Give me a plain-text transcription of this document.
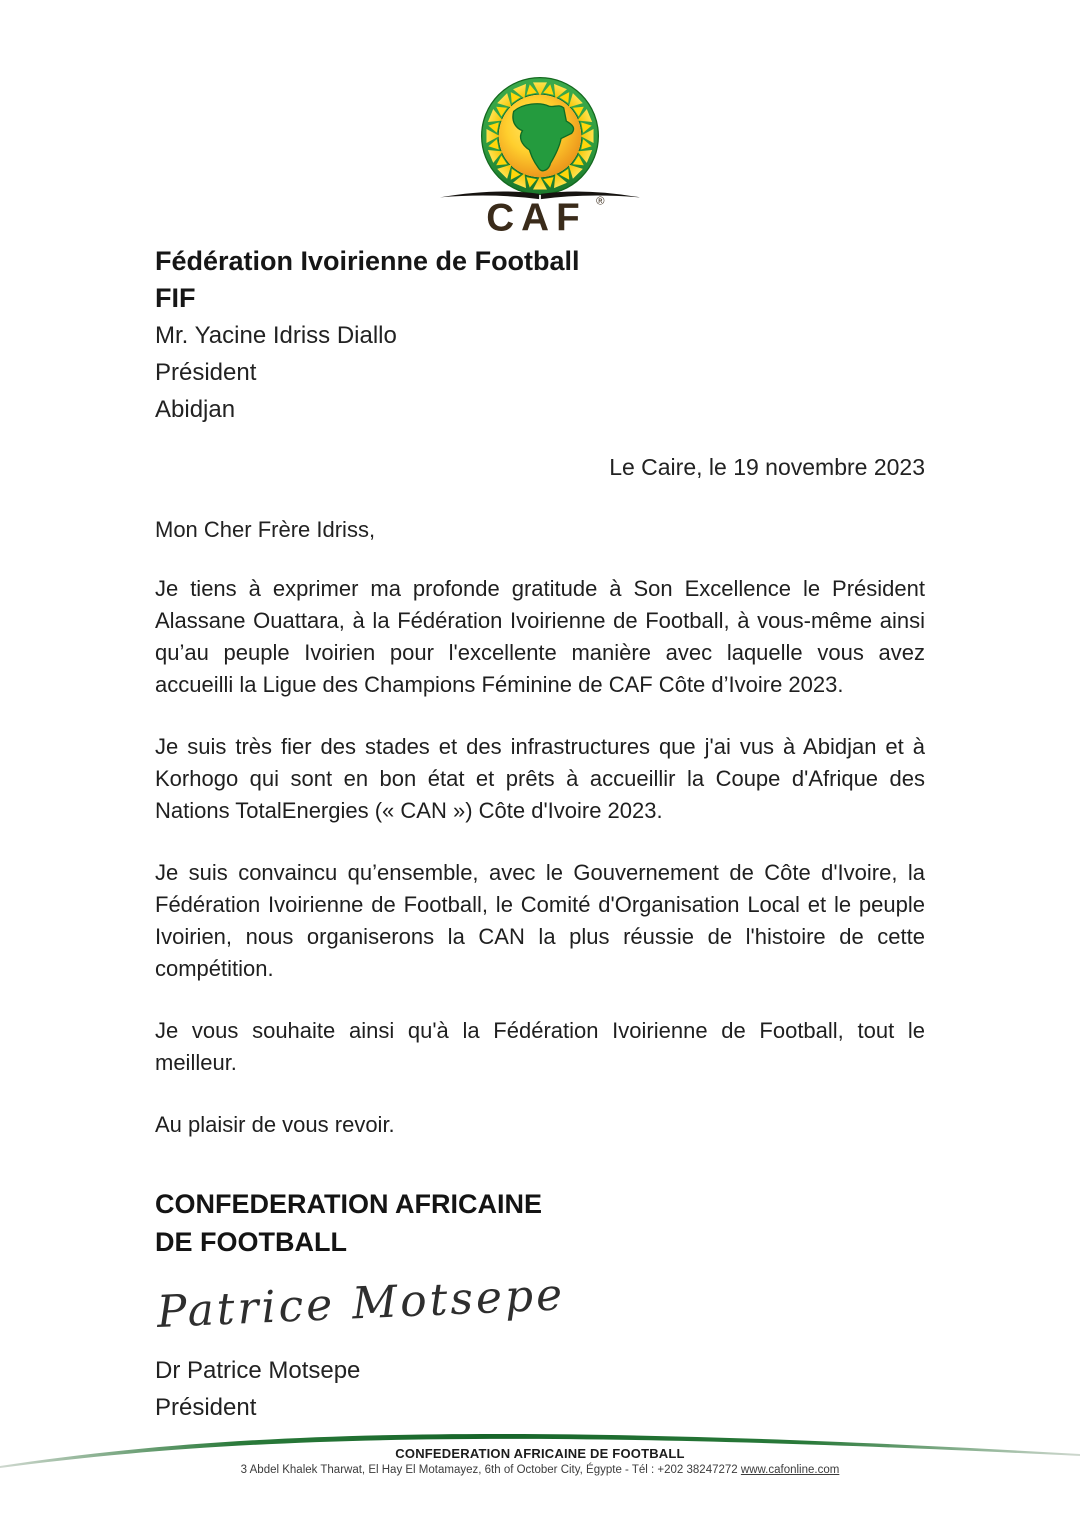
CAF ®
Fédération Ivoirienne de Football
FIF
Mr. Yacine Idriss Diallo
Président
Abidjan
Le Caire, le 19 novembre 2023
Mon Cher Frère Idriss,

Je tiens à exprimer ma profonde gratitude à Son Excellence le Président Alassane Ouattara, à la Fédération Ivoirienne de Football, à vous-même ainsi qu’au peuple Ivoirien pour l'excellente manière avec laquelle vous avez accueilli la Ligue des Champions Féminine de CAF Côte d’Ivoire 2023.

Je suis très fier des stades et des infrastructures que j'ai vus à Abidjan et à Korhogo qui sont en bon état et prêts à accueillir la Coupe d'Afrique des Nations TotalEnergies (« CAN ») Côte d'Ivoire 2023.

Je suis convaincu qu’ensemble, avec le Gouvernement de Côte d'Ivoire, la Fédération Ivoirienne de Football, le Comité d'Organisation Local et le peuple Ivoirien, nous organiserons la CAN la plus réussie de l'histoire de cette compétition.

Je vous souhaite ainsi qu'à la Fédération Ivoirienne de Football, tout le meilleur.

Au plaisir de vous revoir.

CONFEDERATION AFRICAINE
DE FOOTBALL
Patrice Motsepe
Dr Patrice Motsepe
Président
CONFEDERATION AFRICAINE DE FOOTBALL
3 Abdel Khalek Tharwat, El Hay El Motamayez, 6th of October City, Égypte - Tél : +202 38247272 www.cafonline.com
